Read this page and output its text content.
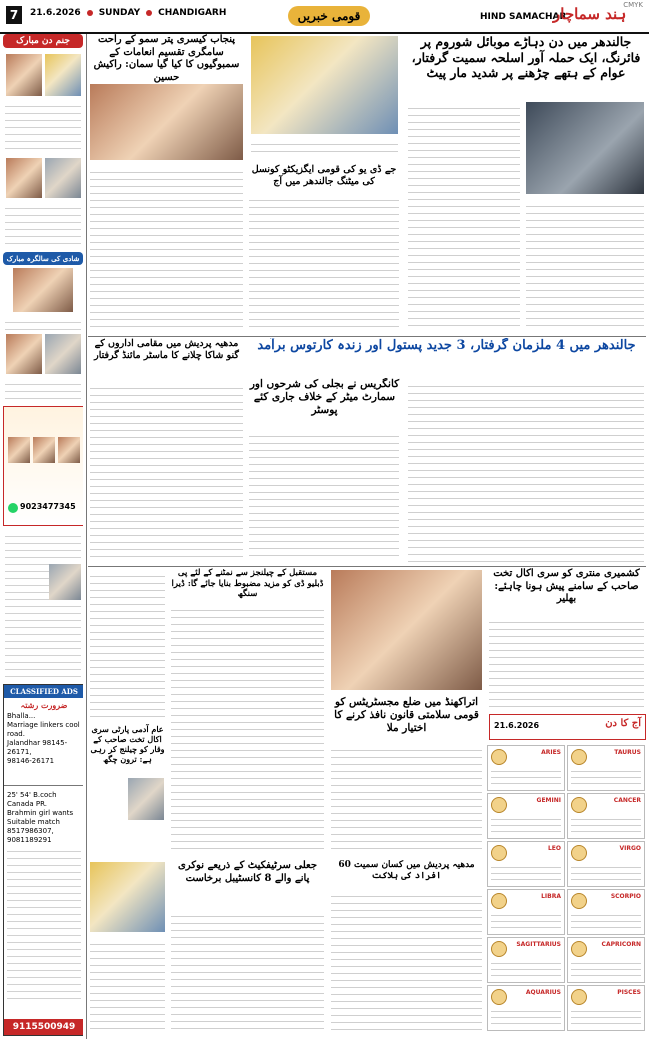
7	21.6.2026 SUNDAY CHANDIGARH	قومی خبریں	HIND SAMACHAR
ہند سماچار
CMYK
جنم دن مبارک
شادی کی سالگرہ مبارک
9023477345
CLASSIFIED ADS
ضرورت رشتہ
Bhalla...
Marriage linkers cool road.
Jalandhar 98145-26171,
98146-26171
25' 54' B.coch Canada PR.
Brahmin girl wants Suitable match
8517986307,
9081189291
9115500949
جالندھر میں دن دہاڑے موبائل شوروم پر فائرنگ، ایک حملہ آور اسلحہ سمیت گرفتار، عوام کے ہتھے چڑھنے پر شدید مار پیٹ
جے ڈی یو کی قومی ایگزیکٹو کونسل کی میٹنگ جالندھر میں آج
پنجاب کیسری پتر سمو کے راحت سامگری تقسیم انعامات کے سمبوگیوں کا کیا گیا سمان: راکیش حسین
جالندھر میں 4 ملزمان گرفتار، 3 جدید پستول اور زندہ کارتوس برآمد
کانگریس نے بجلی کی شرحوں اور سمارٹ میٹر کے خلاف جاری کئے پوسٹر
مدھیہ پردیش میں مقامی اداروں کے گنو شاکا چلانے کا ماسٹر مائنڈ گرفتار
کشمیری منتری کو سری اکال تخت صاحب کے سامنے پیش ہونا چاہئے: بھلیر
آج کا دن
21.6.2026
اتراکھنڈ میں ضلع مجسٹریٹس کو قومی سلامتی قانون نافذ کرنے کا اختیار ملا
مستقبل کے چیلنجز سے نمٹنے کے لئے پی ڈبلیو ڈی کو مزید مضبوط بنایا جائے گا: ڈیرا سنگھ
عام آدمی پارٹی سری اکال تخت صاحب کے وقار کو چیلنج کر رہی ہے: ترون چگھ
جعلی سرٹیفکیٹ کے ذریعے نوکری پانے والے 8 کانسٹیبل برخاست
مدھیہ پردیش میں کسان سمیت 60 افراد کی ہلاکت
ARIES	TAURUS
GEMINI	CANCER
LEO	VIRGO
LIBRA	SCORPIO
SAGITTARIUS	CAPRICORN
AQUARIUS	PISCES
